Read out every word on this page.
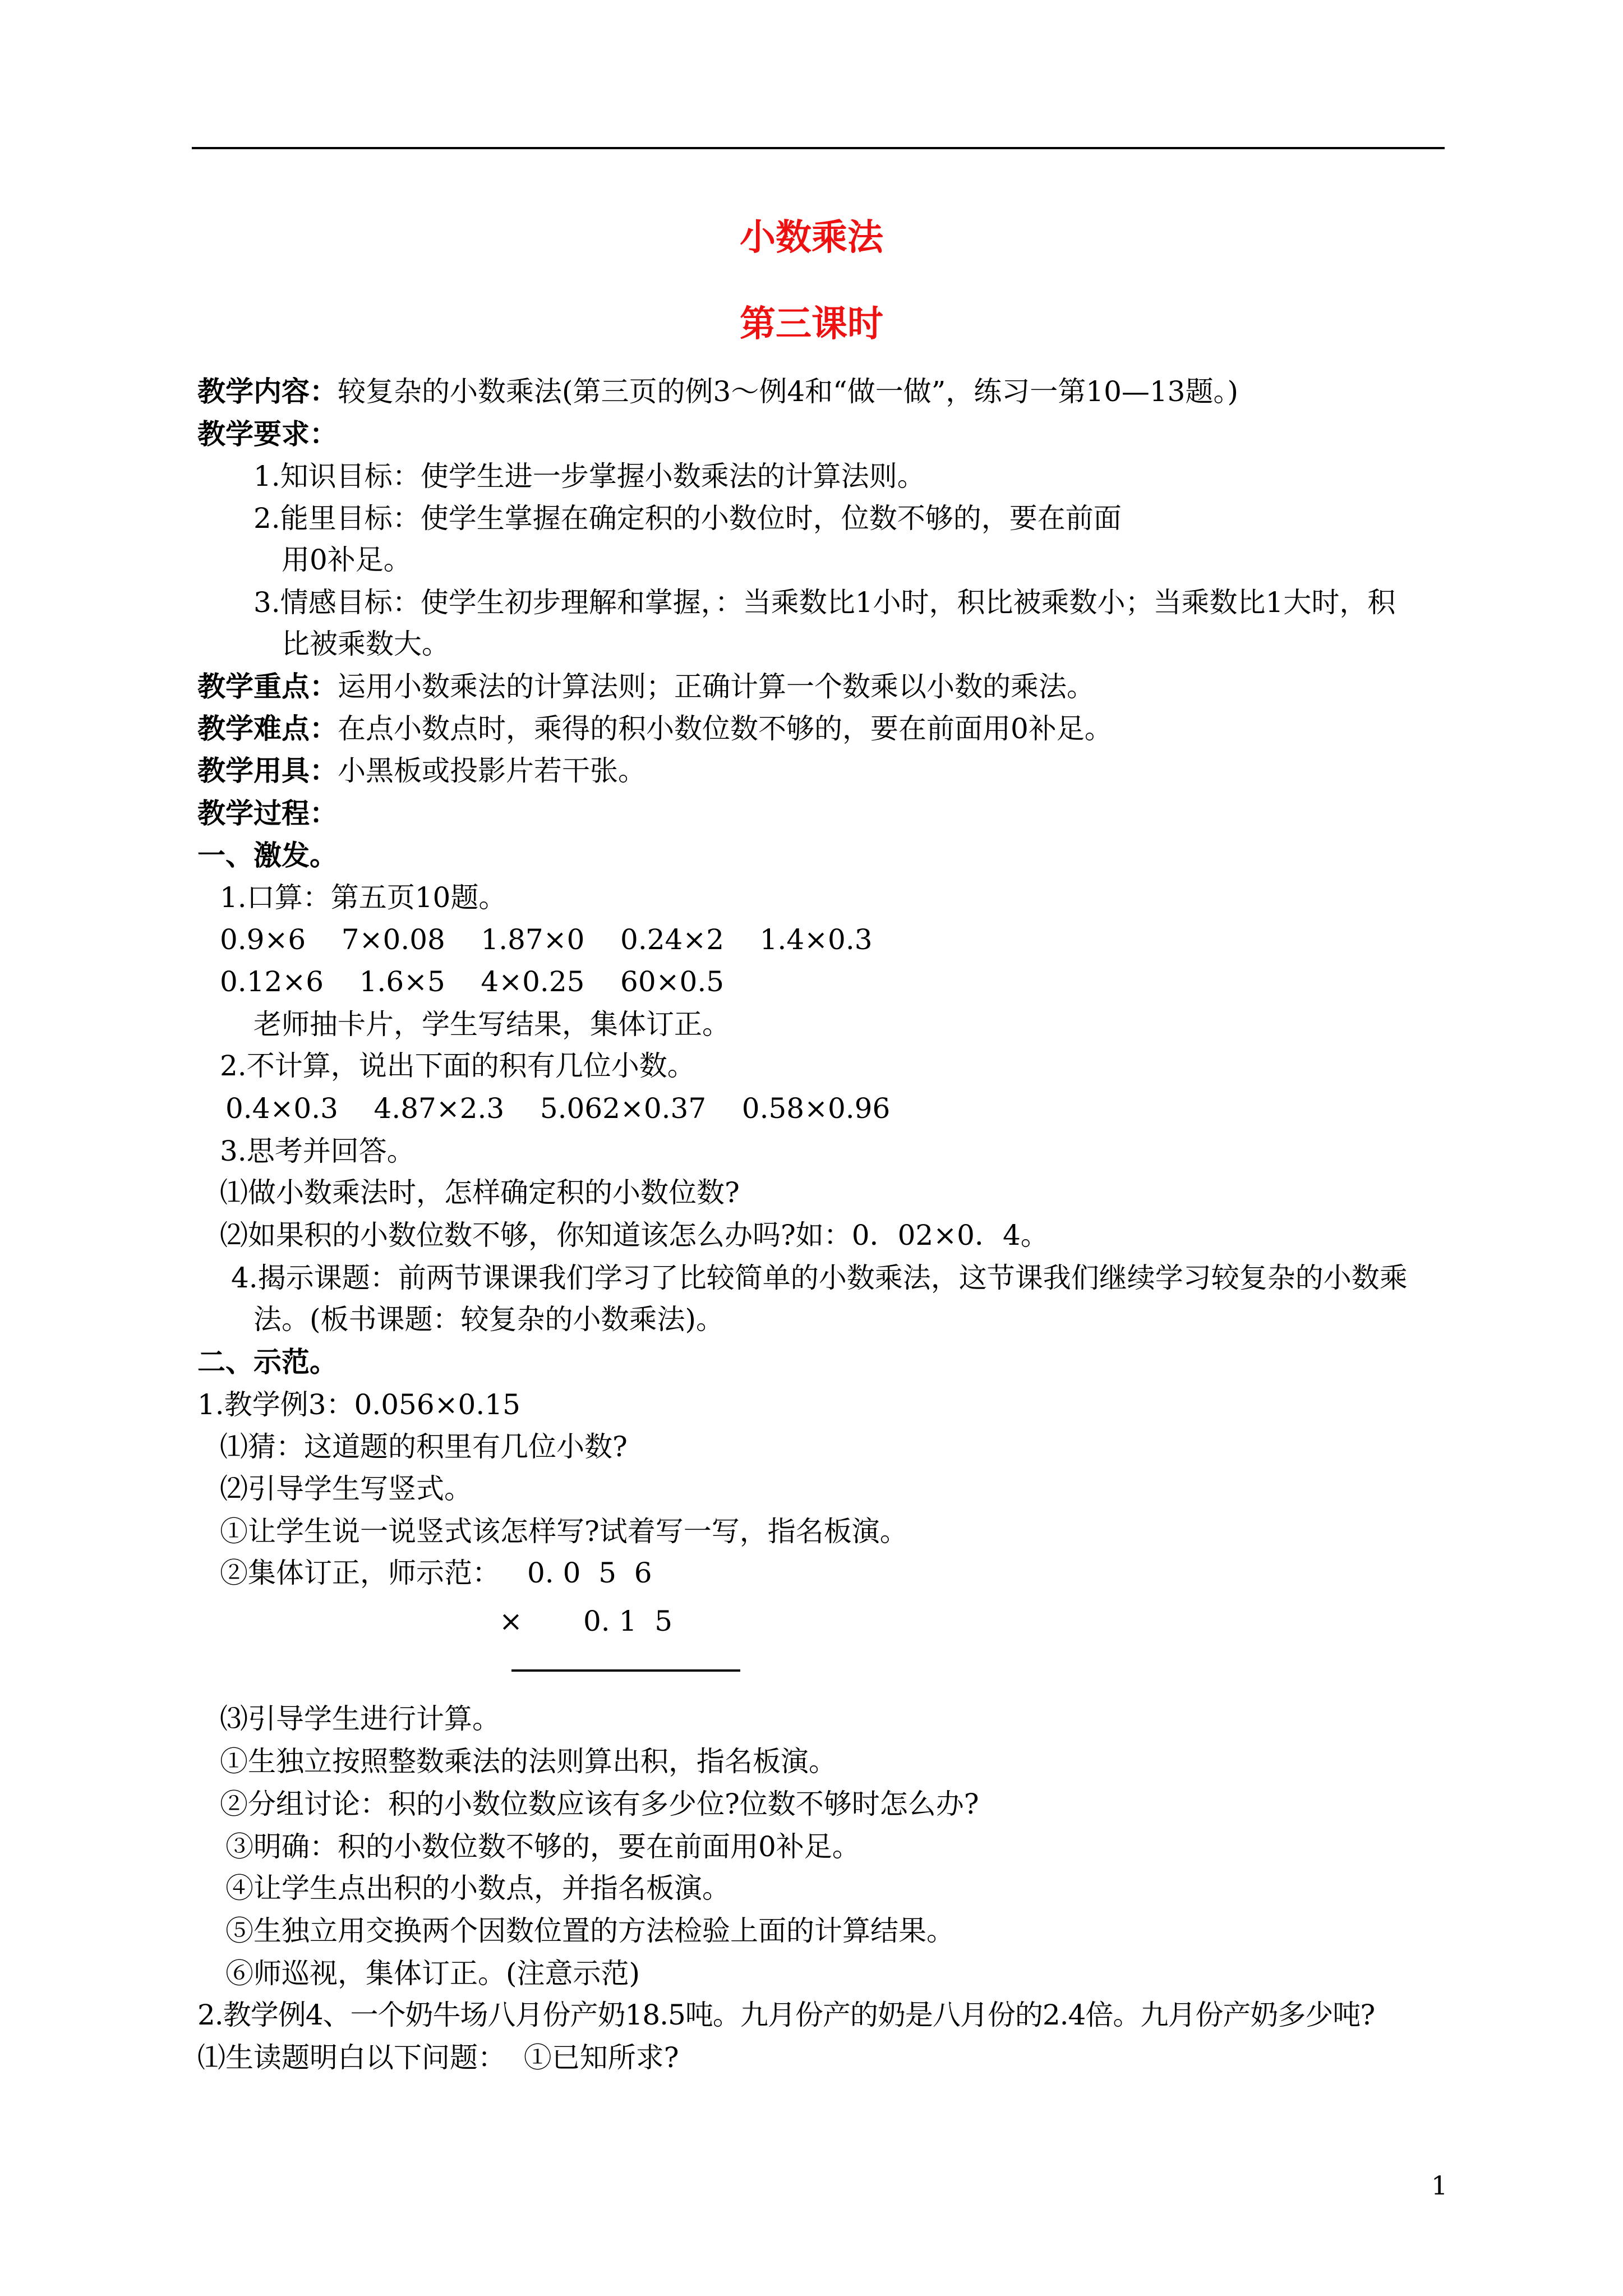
小数乘法
第三课时
教学内容：较复杂的小数乘法(第三页的例3～例4和“做一做”，练习一第10—13题。)
教学要求：
1.知识目标：使学生进一步掌握小数乘法的计算法则。
2.能里目标：使学生掌握在确定积的小数位时，位数不够的，要在前面
用0补足。
3.情感目标：使学生初步理解和掌握，：当乘数比1小时，积比被乘数小；当乘数比1大时，积
比被乘数大。
教学重点：运用小数乘法的计算法则；正确计算一个数乘以小数的乘法。
教学难点：在点小数点时，乘得的积小数位数不够的，要在前面用0补足。
教学用具：小黑板或投影片若干张。
教学过程：
一、激发。
1.口算：第五页10题。
0.9×6    7×0.08    1.87×0    0.24×2    1.4×0.3
0.12×6    1.6×5    4×0.25    60×0.5
老师抽卡片，学生写结果，集体订正。
2.不计算，说出下面的积有几位小数。
0.4×0.3    4.87×2.3    5.062×0.37    0.58×0.96
3.思考并回答。
⑴做小数乘法时，怎样确定积的小数位数?
⑵如果积的小数位数不够，你知道该怎么办吗?如：0．02×0．4。
4.揭示课题：前两节课课我们学习了比较简单的小数乘法，这节课我们继续学习较复杂的小数乘
法。(板书课题：较复杂的小数乘法)。
二、示范。
1.教学例3：0.056×0.15
⑴猜：这道题的积里有几位小数?
⑵引导学生写竖式。
①让学生说一说竖式该怎样写?试着写一写，指名板演。
②集体订正，师示范： 0. 0  5  6
× 0. 1  5
⑶引导学生进行计算。
①生独立按照整数乘法的法则算出积，指名板演。
②分组讨论：积的小数位数应该有多少位?位数不够时怎么办?
③明确：积的小数位数不够的，要在前面用0补足。
④让学生点出积的小数点，并指名板演。
⑤生独立用交换两个因数位置的方法检验上面的计算结果。
⑥师巡视，集体订正。(注意示范)
2.教学例4、一个奶牛场八月份产奶18.5吨。九月份产的奶是八月份的2.4倍。九月份产奶多少吨?
⑴生读题明白以下问题：  ①已知所求?
1
